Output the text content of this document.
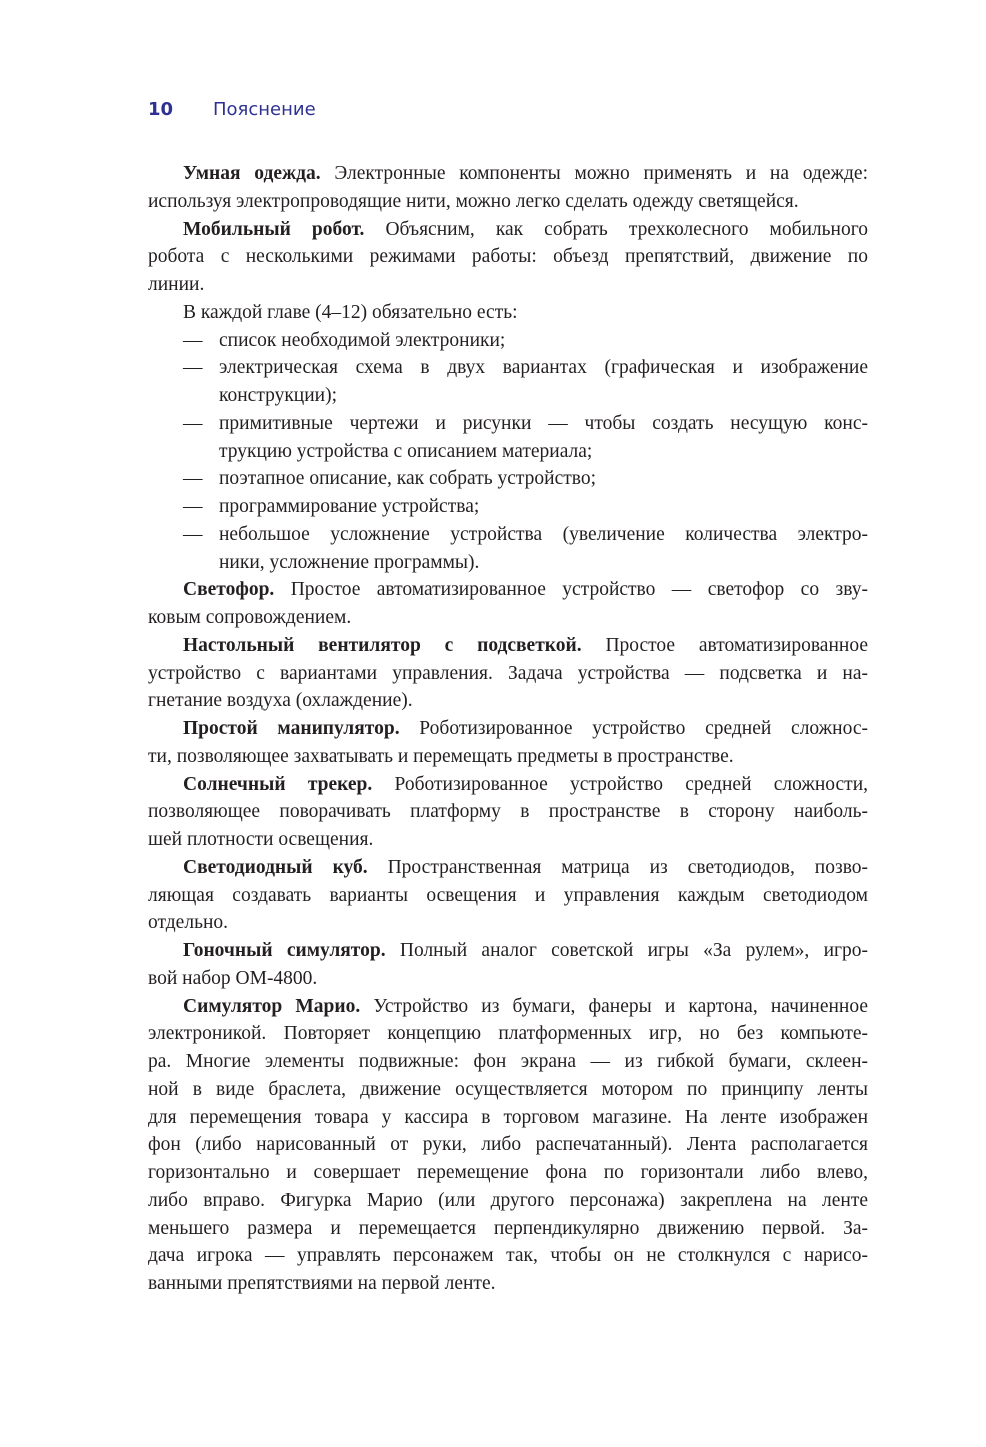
10 Пояснение
Умная одежда. Электронные компоненты можно применять и на одежде:
используя электропроводящие нити, можно легко сделать одежду светящейся.
Мобильный робот. Объясним, как собрать трехколесного мобильного
робота с несколькими режимами работы: объезд препятствий, движение по
линии.
В каждой главе (4–12) обязательно есть:
— список необходимой электроники;
— электрическая схема в двух вариантах (графическая и изображение
конструкции);
— примитивные чертежи и рисунки — чтобы создать несущую конс-
трукцию устройства с описанием материала;
— поэтапное описание, как собрать устройство;
— программирование устройства;
— небольшое усложнение устройства (увеличение количества электро-
ники, усложнение программы).
Светофор. Простое автоматизированное устройство — светофор со зву-
ковым сопровождением.
Настольный вентилятор с подсветкой. Простое автоматизированное
устройство с вариантами управления. Задача устройства — подсветка и на-
гнетание воздуха (охлаждение).
Простой манипулятор. Роботизированное устройство средней сложнос-
ти, позволяющее захватывать и перемещать предметы в пространстве.
Солнечный трекер. Роботизированное устройство средней сложности,
позволяющее поворачивать платформу в пространстве в сторону наиболь-
шей плотности освещения.
Светодиодный куб. Пространственная матрица из светодиодов, позво-
ляющая создавать варианты освещения и управления каждым светодиодом
отдельно.
Гоночный симулятор. Полный аналог советской игры «За рулем», игро-
вой набор ОМ-4800.
Симулятор Марио. Устройство из бумаги, фанеры и картона, начиненное
электроникой. Повторяет концепцию платформенных игр, но без компьюте-
ра. Многие элементы подвижные: фон экрана — из гибкой бумаги, склеен-
ной в виде браслета, движение осуществляется мотором по принципу ленты
для перемещения товара у кассира в торговом магазине. На ленте изображен
фон (либо нарисованный от руки, либо распечатанный). Лента располагается
горизонтально и совершает перемещение фона по горизонтали либо влево,
либо вправо. Фигурка Марио (или другого персонажа) закреплена на ленте
меньшего размера и перемещается перпендикулярно движению первой. За-
дача игрока — управлять персонажем так, чтобы он не столкнулся с нарисо-
ванными препятствиями на первой ленте.
